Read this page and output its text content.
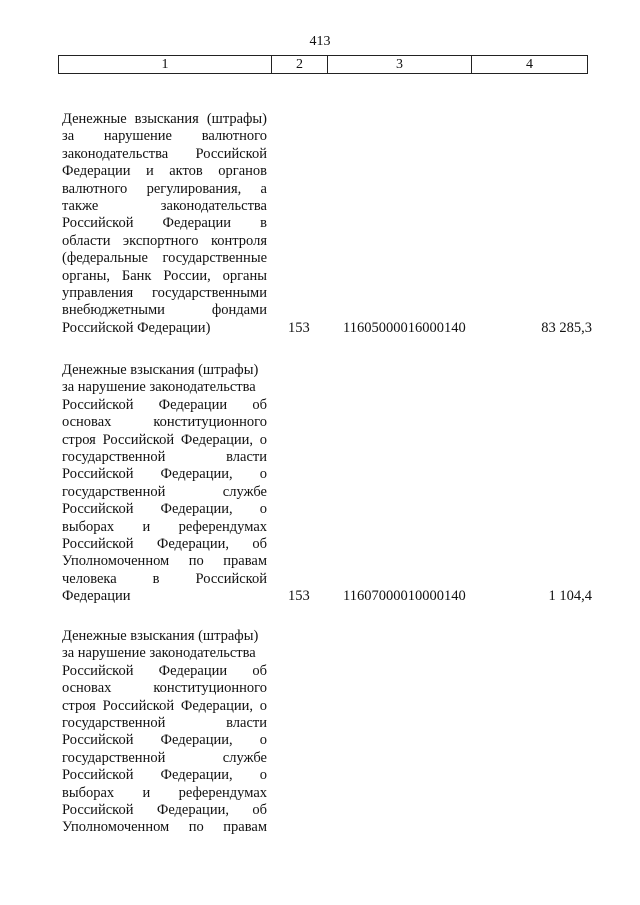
413
1	2	3	4
Денежные взыскания (штрафы)
за нарушение валютного
законодательства Российской
Федерации и актов органов
валютного регулирования, а
также законодательства
Российской Федерации в
области экспортного контроля
(федеральные государственные
органы, Банк России, органы
управления государственными
внебюджетными фондами
Российской Федерации)	153 11605000016000140	83 285,3
Денежные взыскания (штрафы)
за нарушение законодательства
Российской Федерации об
основах конституционного
строя Российской Федерации, о
государственной власти
Российской Федерации, о
государственной службе
Российской Федерации, о
выборах и референдумах
Российской Федерации, об
Уполномоченном по правам
человека в Российской
Федерации	153 11607000010000140	1 104,4
Денежные взыскания (штрафы)
за нарушение законодательства
Российской Федерации об
основах конституционного
строя Российской Федерации, о
государственной власти
Российской Федерации, о
государственной службе
Российской Федерации, о
выборах и референдумах
Российской Федерации, об
Уполномоченном по правам
